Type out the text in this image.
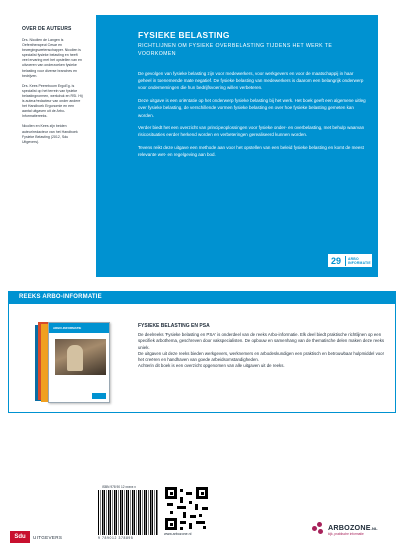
OVER DE AUTEURS

Drs. Nicolien de Langen is Oefentherapeut Cesar en bewegingswetenschapper. Nicolien is specialist fysieke belasting en heeft veel ervaring met het opstellen van en uitvoeren van onderzoeken fysieke belasting voor diverse branches en bedrijven.

Drs. Kees Peereboom ErgoEg. is specialist op het terrein van fysieke belastingnormen, werkdruk en RSI. Hij is auteur/redacteur van onder andere het Handboek Ergonomie en een aantal uitgaven uit de Arbo-Informatiereeks.

Nicolien en Kees zijn beiden auteur/redacteur van het Handboek Fysieke Belasting (2012, Sdu Uitgevers).

FYSIEKE BELASTING
RICHTLIJNEN OM FYSIEKE OVERBELASTING TIJDENS HET WERK TE VOORKOMEN

De gevolgen van fysieke belasting zijn voor medewerkers, voor werkgevers en voor de maatschappij in haar geheel in toenemende mate negatief. De fysieke belasting van medewerkers is daarom een belangrijk onderwerp voor ondernemingen die hun bedrijfsvoering willen verbeteren.

Deze uitgave is een oriëntatie op het onderwerp fysieke belasting bij het werk. Het boek geeft een algemene uitleg over fysieke belasting, de verschillende vormen fysieke belasting en over hoe fysieke belasting gemeten kan worden.

Verder biedt het een overzicht van principeoplossingen voor fysieke onder- en overbelasting, met behulp waarvan risicosituaties eerder herkend worden en verbeteringen gerealiseerd kunnen worden.

Tevens reikt deze uitgave een methode aan voor het opstellen van een beleid fysieke belasting en komt de meest relevante wet- en regelgeving aan bod.

29	ARBO
INFORMATIE
REEKS ARBO-INFORMATIE
ARBO-INFORMATIE	FYSIEKE BELASTING EN PSA

De deelreeks 'Fysieke belasting en PSA' is onderdeel van de reeks Arbo-informatie. Elk deel biedt praktische richtlijnen op een specifiek arbothema, geschreven door vakspecialisten. De opbouw en samenhang van de thematische delen maken deze reeks uniek.

De uitgaven uit deze reeks bieden werkgevers, werknemers en arbodeskundigen een praktisch en betrouwbaar hulpmiddel voor het creëren en handhaven van goede arbeidsomstandigheden.

Achterin dit boek is een overzicht opgenomen van alle uitgaven uit de reeks.

Sdu	UITGEVERS
ISBN 978 90 12 xxxxx x
9 789012 378895
www.arbozone.nl
ARBOZONE.NL
kijk, praktische informatie
